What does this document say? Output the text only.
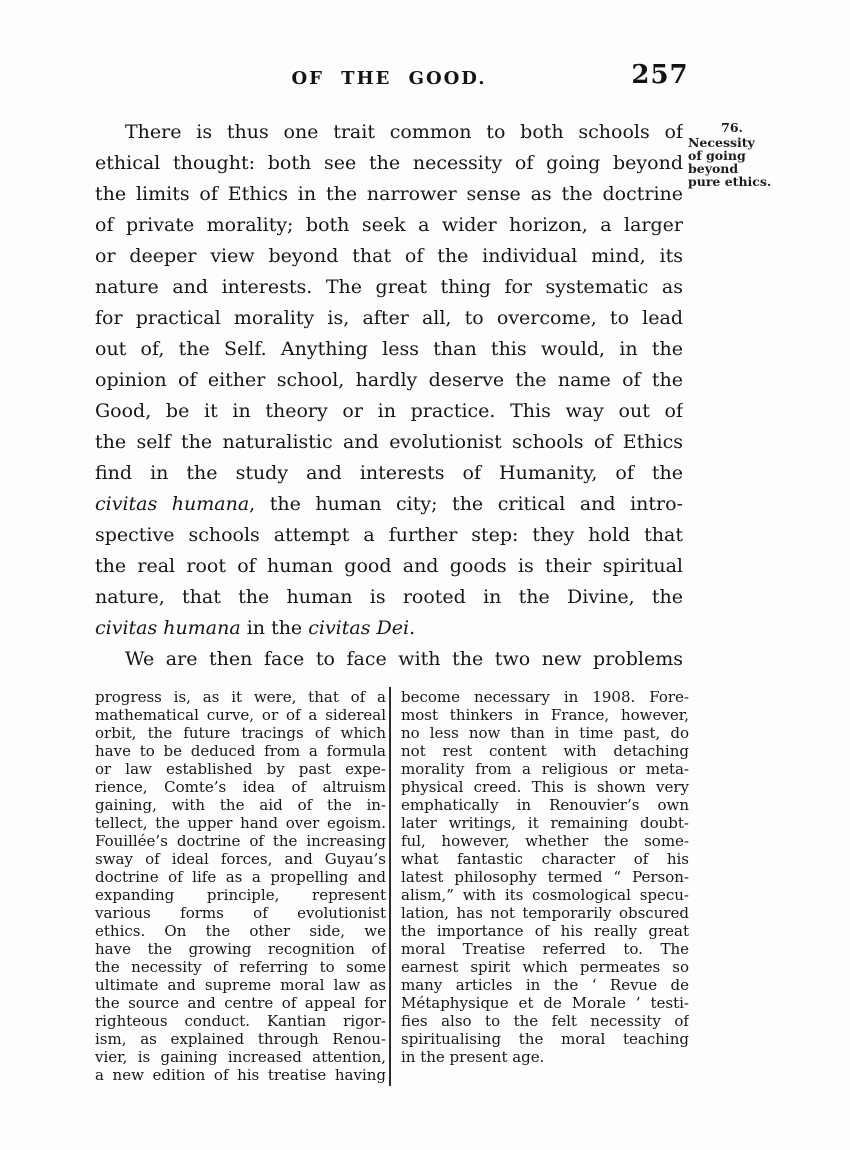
OF THE GOOD.	257
76.
Necessity
of going
beyond
pure ethics.
There is thus one trait common to both schools of
ethical thought: both see the necessity of going beyond
the limits of Ethics in the narrower sense as the doctrine
of private morality; both seek a wider horizon, a larger
or deeper view beyond that of the individual mind, its
nature and interests. The great thing for systematic as
for practical morality is, after all, to overcome, to lead
out of, the Self. Anything less than this would, in the
opinion of either school, hardly deserve the name of the
Good, be it in theory or in practice. This way out of
the self the naturalistic and evolutionist schools of Ethics
find in the study and interests of Humanity, of the
civitas humana, the human city; the critical and intro-
spective schools attempt a further step: they hold that
the real root of human good and goods is their spiritual
nature, that the human is rooted in the Divine, the
civitas humana in the civitas Dei.
We are then face to face with the two new problems
progress is, as it were, that of a
mathematical curve, or of a sidereal
orbit, the future tracings of which
have to be deduced from a formula
or law established by past expe-
rience, Comte’s idea of altruism
gaining, with the aid of the in-
tellect, the upper hand over egoism.
Fouillée’s doctrine of the increasing
sway of ideal forces, and Guyau’s
doctrine of life as a propelling and
expanding principle, represent
various forms of evolutionist
ethics. On the other side, we
have the growing recognition of
the necessity of referring to some
ultimate and supreme moral law as
the source and centre of appeal for
righteous conduct. Kantian rigor-
ism, as explained through Renou-
vier, is gaining increased attention,
a new edition of his treatise having
become necessary in 1908. Fore-
most thinkers in France, however,
no less now than in time past, do
not rest content with detaching
morality from a religious or meta-
physical creed. This is shown very
emphatically in Renouvier’s own
later writings, it remaining doubt-
ful, however, whether the some-
what fantastic character of his
latest philosophy termed “ Person-
alism,” with its cosmological specu-
lation, has not temporarily obscured
the importance of his really great
moral Treatise referred to. The
earnest spirit which permeates so
many articles in the ‘ Revue de
Métaphysique et de Morale ’ testi-
fies also to the felt necessity of
spiritualising the moral teaching
in the present age.
